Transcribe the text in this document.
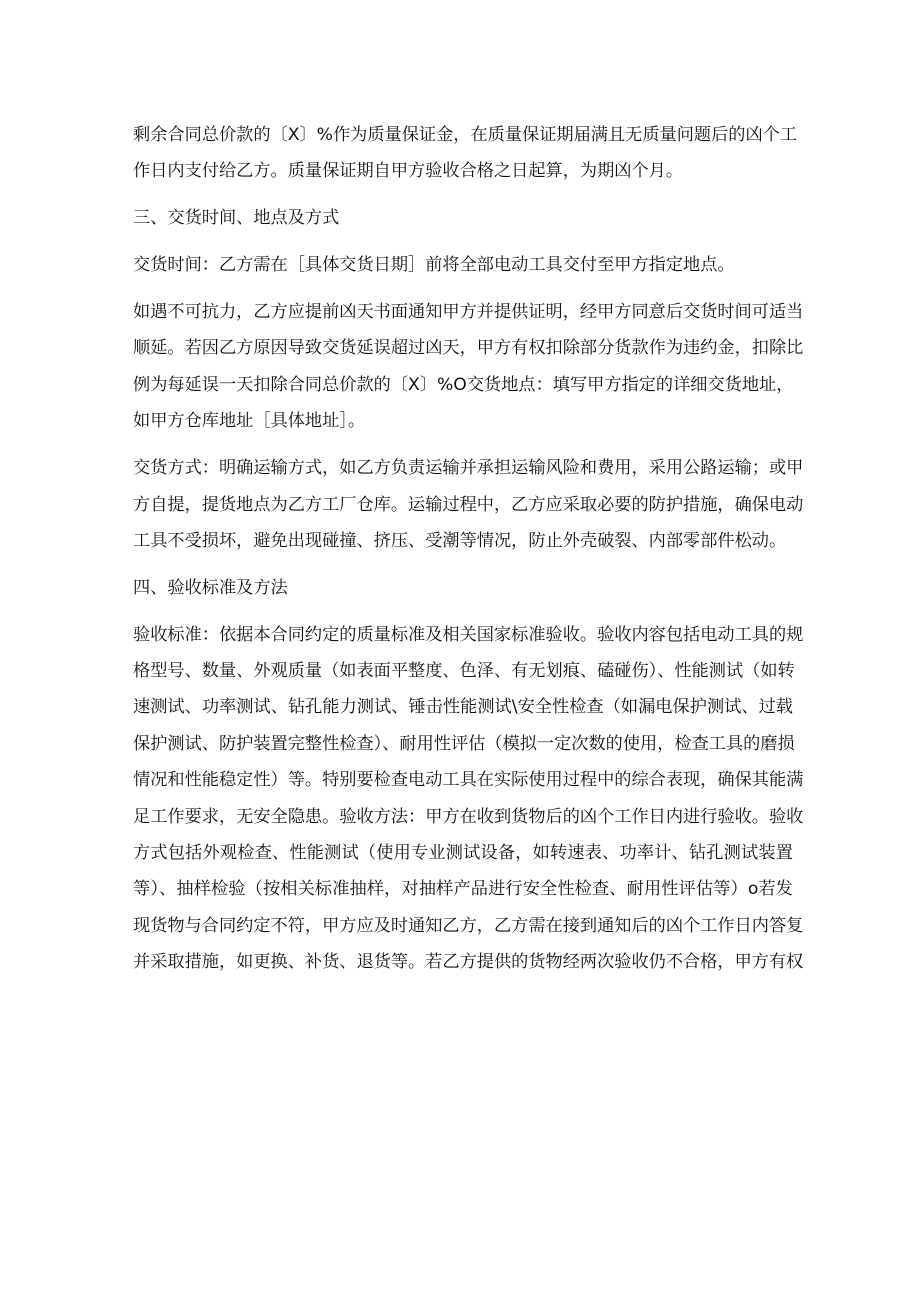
剩余合同总价款的〔X〕%作为质量保证金，在质量保证期届满且无质量问题后的凶个工
作日内支付给乙方。质量保证期自甲方验收合格之日起算，为期凶个月。
三、交货时间、地点及方式
交货时间：乙方需在［具体交货日期］前将全部电动工具交付至甲方指定地点。
如遇不可抗力，乙方应提前凶天书面通知甲方并提供证明，经甲方同意后交货时间可适当
顺延。若因乙方原因导致交货延误超过凶天，甲方有权扣除部分货款作为违约金，扣除比
例为每延误一天扣除合同总价款的〔X〕%O交货地点：填写甲方指定的详细交货地址，
如甲方仓库地址［具体地址］。
交货方式：明确运输方式，如乙方负责运输并承担运输风险和费用，采用公路运输；或甲
方自提，提货地点为乙方工厂仓库。运输过程中，乙方应采取必要的防护措施，确保电动
工具不受损坏，避免出现碰撞、挤压、受潮等情况，防止外壳破裂、内部零部件松动。
四、验收标准及方法
验收标准：依据本合同约定的质量标准及相关国家标准验收。验收内容包括电动工具的规
格型号、数量、外观质量（如表面平整度、色泽、有无划痕、磕碰伤）、性能测试（如转
速测试、功率测试、钻孔能力测试、锤击性能测试\安全性检查（如漏电保护测试、过载
保护测试、防护装置完整性检查）、耐用性评估（模拟一定次数的使用，检查工具的磨损
情况和性能稳定性）等。特别要检查电动工具在实际使用过程中的综合表现，确保其能满
足工作要求，无安全隐患。验收方法：甲方在收到货物后的凶个工作日内进行验收。验收
方式包括外观检查、性能测试（使用专业测试设备，如转速表、功率计、钻孔测试装置
等）、抽样检验（按相关标准抽样，对抽样产品进行安全性检查、耐用性评估等）o若发
现货物与合同约定不符，甲方应及时通知乙方，乙方需在接到通知后的凶个工作日内答复
并采取措施，如更换、补货、退货等。若乙方提供的货物经两次验收仍不合格，甲方有权
